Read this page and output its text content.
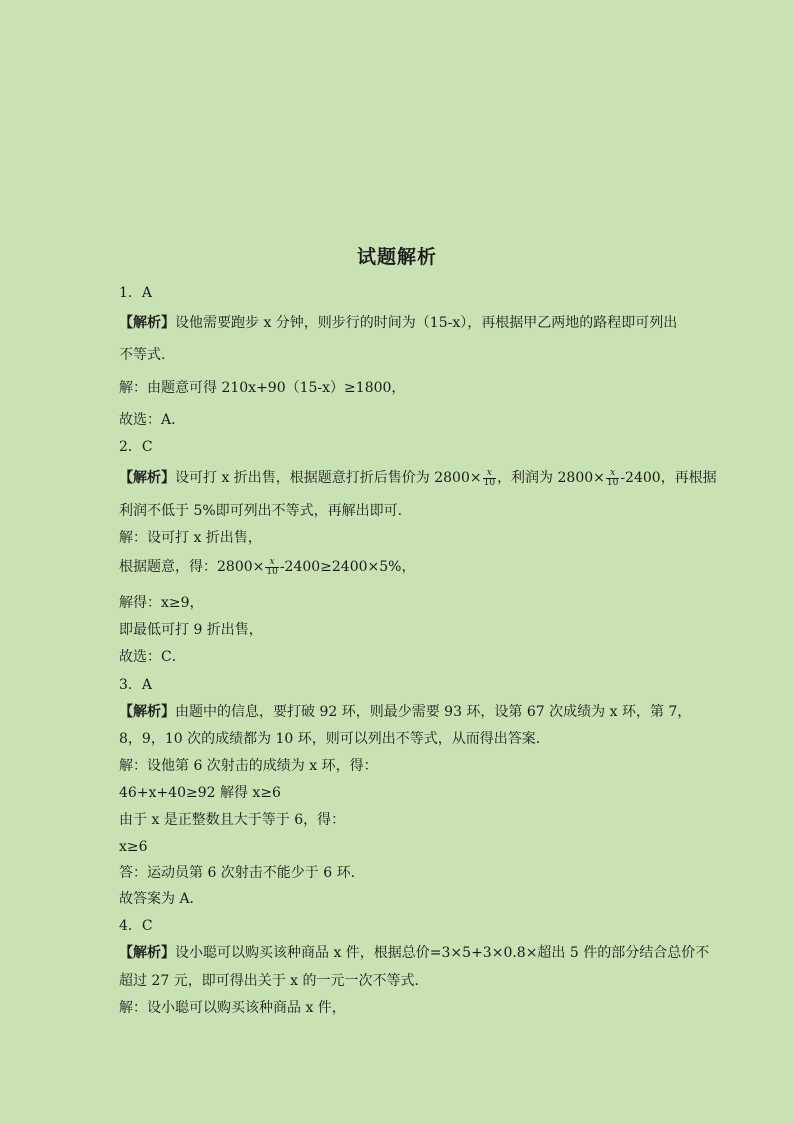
试题解析
1．A
【解析】设他需要跑步 x 分钟，则步行的时间为（15-x），再根据甲乙两地的路程即可列出
不等式.
解：由题意可得 210x+90（15-x）≥1800，
故选：A．
2．C
【解析】设可打 x 折出售，根据题意打折后售价为 $2800\times \frac{x}{10}$ ，利润为 $2800\times \frac{x}{10} -2400$，再根据
利润不低于 5%即可列出不等式，再解出即可.
解：设可打 x 折出售，
根据题意，得：$2800\times \frac{x}{10} -2400\ge 2400\times 5\%$，
解得：x≥9，
即最低可打 9 折出售，
故选：C．
3．A
【解析】由题中的信息，要打破 92 环，则最少需要 93 环，设第 67 次成绩为 x 环，第 7，
8，9，10 次的成绩都为 10 环，则可以列出不等式，从而得出答案．
解：设他第 6 次射击的成绩为 x 环，得：
46+x+40≥92 解得 x≥6
由于 x 是正整数且大于等于 6，得：
x≥6
答：运动员第 6 次射击不能少于 6 环.
故答案为 A．
4．C
【解析】设小聪可以购买该种商品 x 件，根据总价=3×5+3×0.8×超出 5 件的部分结合总价不
超过 27 元，即可得出关于 x 的一元一次不等式．
解：设小聪可以购买该种商品 x 件，
